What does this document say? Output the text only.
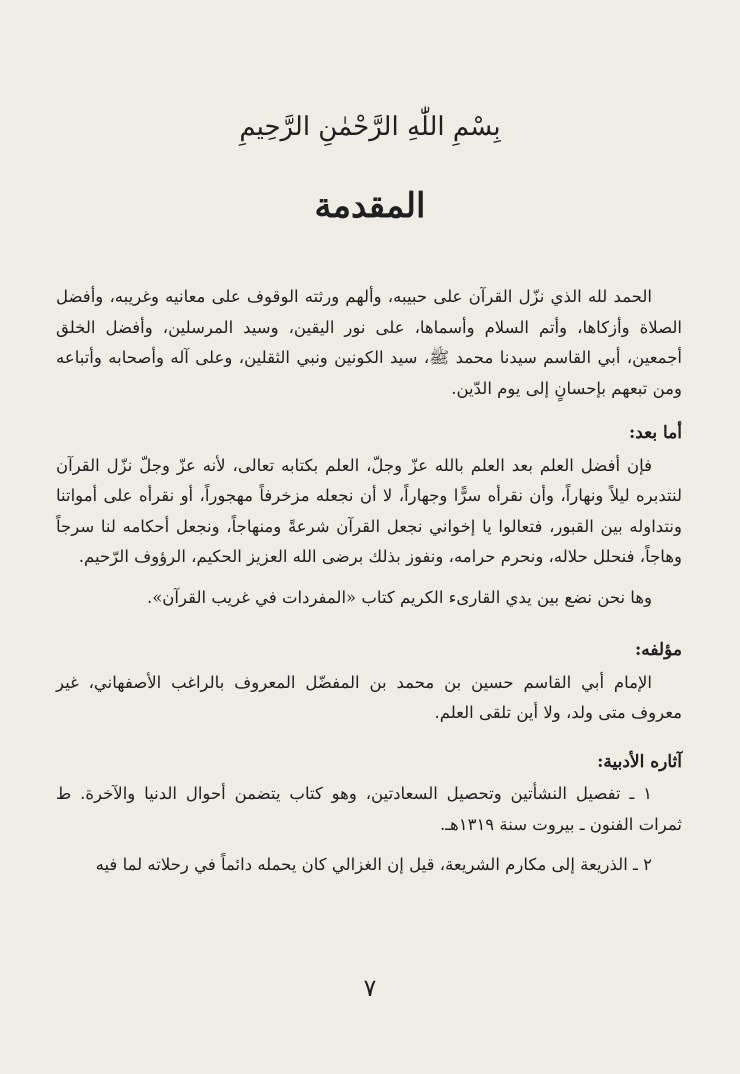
بِسْمِ اللّٰهِ الرَّحْمٰنِ الرَّحِيمِ
المقدمة

الحمد لله الذي نزّل القرآن على حبيبه، وألهم ورثته الوقوف على معانيه وغريبه، وأفضل الصلاة وأزكاها، وأتم السلام وأسماها، على نور اليقين، وسيد المرسلين، وأفضل الخلق أجمعين، أبي القاسم سيدنا محمد ﷺ، سيد الكونين ونبي الثقلين، وعلى آله وأصحابه وأتباعه ومن تبعهم بإحسانٍ إلى يوم الدّين.

أما بعد:

فإن أفضل العلم بعد العلم بالله عزّ وجلّ، العلم بكتابه تعالى، لأنه عزّ وجلّ نزّل القرآن لنتدبره ليلاً ونهاراً، وأن نقرأه سرًّا وجهاراً، لا أن نجعله مزخرفاً مهجوراً، أو نقرأه على أمواتنا ونتداوله بين القبور، فتعالوا يا إخواني نجعل القرآن شرعةً ومنهاجاً، ونجعل أحكامه لنا سرجاً وهاجاً، فنحلل حلاله، ونحرم حرامه، ونفوز بذلك برضى الله العزيز الحكيم، الرؤوف الرّحيم.

وها نحن نضع بين يدي القارىء الكريم كتاب «المفردات في غريب القرآن».

مؤلفه:

الإمام أبي القاسم حسين بن محمد بن المفضّل المعروف بالراغب الأصفهاني، غير معروف متى ولد، ولا أين تلقى العلم.

آثاره الأدبية:

١ ـ تفصيل النشأتين وتحصيل السعادتين، وهو كتاب يتضمن أحوال الدنيا والآخرة. ط ثمرات الفنون ـ بيروت سنة ١٣١٩هـ.

٢ ـ الذريعة إلى مكارم الشريعة، قيل إن الغزالي كان يحمله دائماً في رحلاته لما فيه

٧
